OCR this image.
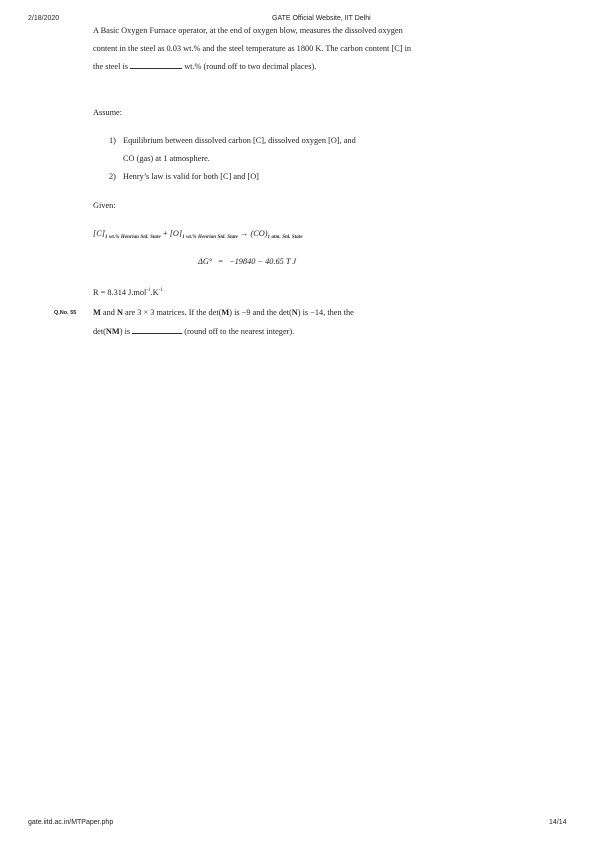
2/18/2020	GATE Official Website, IIT Delhi
A Basic Oxygen Furnace operator, at the end of oxygen blow, measures the dissolved oxygen content in the steel as 0.03 wt.% and the steel temperature as 1800 K. The carbon content [C] in the steel is	wt.% (round off to two decimal places).
Assume:
1) Equilibrium between dissolved carbon [C], dissolved oxygen [O], and
CO (gas) at 1 atmosphere.
2) Henry’s law is valid for both [C] and [O]
Given:
$[C]_{1 wt.\% Henrian Std. State} + [O]_{1 wt.\% Henrian Std. State} \to (CO)_{1 atm. Std. State}$
ΔG° = −19840 − 40.65 T J
R = 8.314 $J.mol^{-1}.K^{-1}$
Q.No. 55 M and N are 3 × 3 matrices. If the det(M) is −9 and the det(N) is −14, then the
det(NM) is	(round off to the nearest integer).
gate.iitd.ac.in/MTPaper.php	14/14
